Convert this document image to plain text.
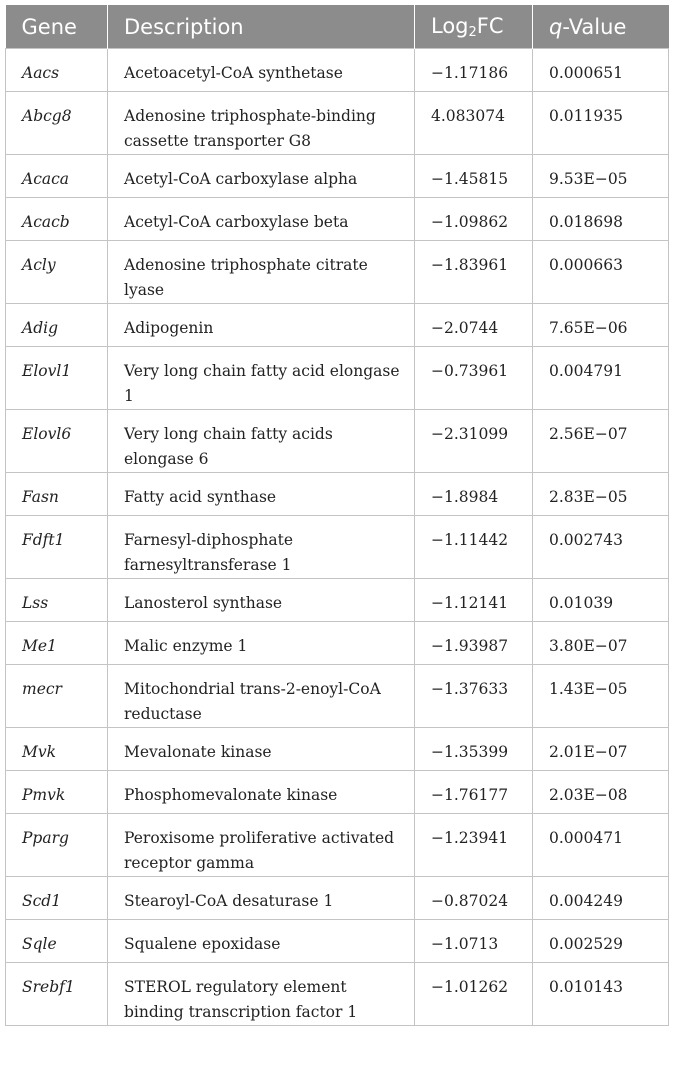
Gene	Description	Log$_2$FC	q-Value
Aacs	Acetoacetyl-CoA synthetase	−1.17186	0.000651
Abcg8	Adenosine triphosphate-binding cassette transporter G8	4.083074	0.011935
Acaca	Acetyl-CoA carboxylase alpha	−1.45815	9.53E−05
Acacb	Acetyl-CoA carboxylase beta	−1.09862	0.018698
Acly	Adenosine triphosphate citrate lyase	−1.83961	0.000663
Adig	Adipogenin	−2.0744	7.65E−06
Elovl1	Very long chain fatty acid elongase 1	−0.73961	0.004791
Elovl6	Very long chain fatty acids elongase 6	−2.31099	2.56E−07
Fasn	Fatty acid synthase	−1.8984	2.83E−05
Fdft1	Farnesyl-diphosphate farnesyltransferase 1	−1.11442	0.002743
Lss	Lanosterol synthase	−1.12141	0.01039
Me1	Malic enzyme 1	−1.93987	3.80E−07
mecr	Mitochondrial trans-2-enoyl-CoA reductase	−1.37633	1.43E−05
Mvk	Mevalonate kinase	−1.35399	2.01E−07
Pmvk	Phosphomevalonate kinase	−1.76177	2.03E−08
Pparg	Peroxisome proliferative activated receptor gamma	−1.23941	0.000471
Scd1	Stearoyl-CoA desaturase 1	−0.87024	0.004249
Sqle	Squalene epoxidase	−1.0713	0.002529
Srebf1	STEROL regulatory element binding transcription factor 1	−1.01262	0.010143
